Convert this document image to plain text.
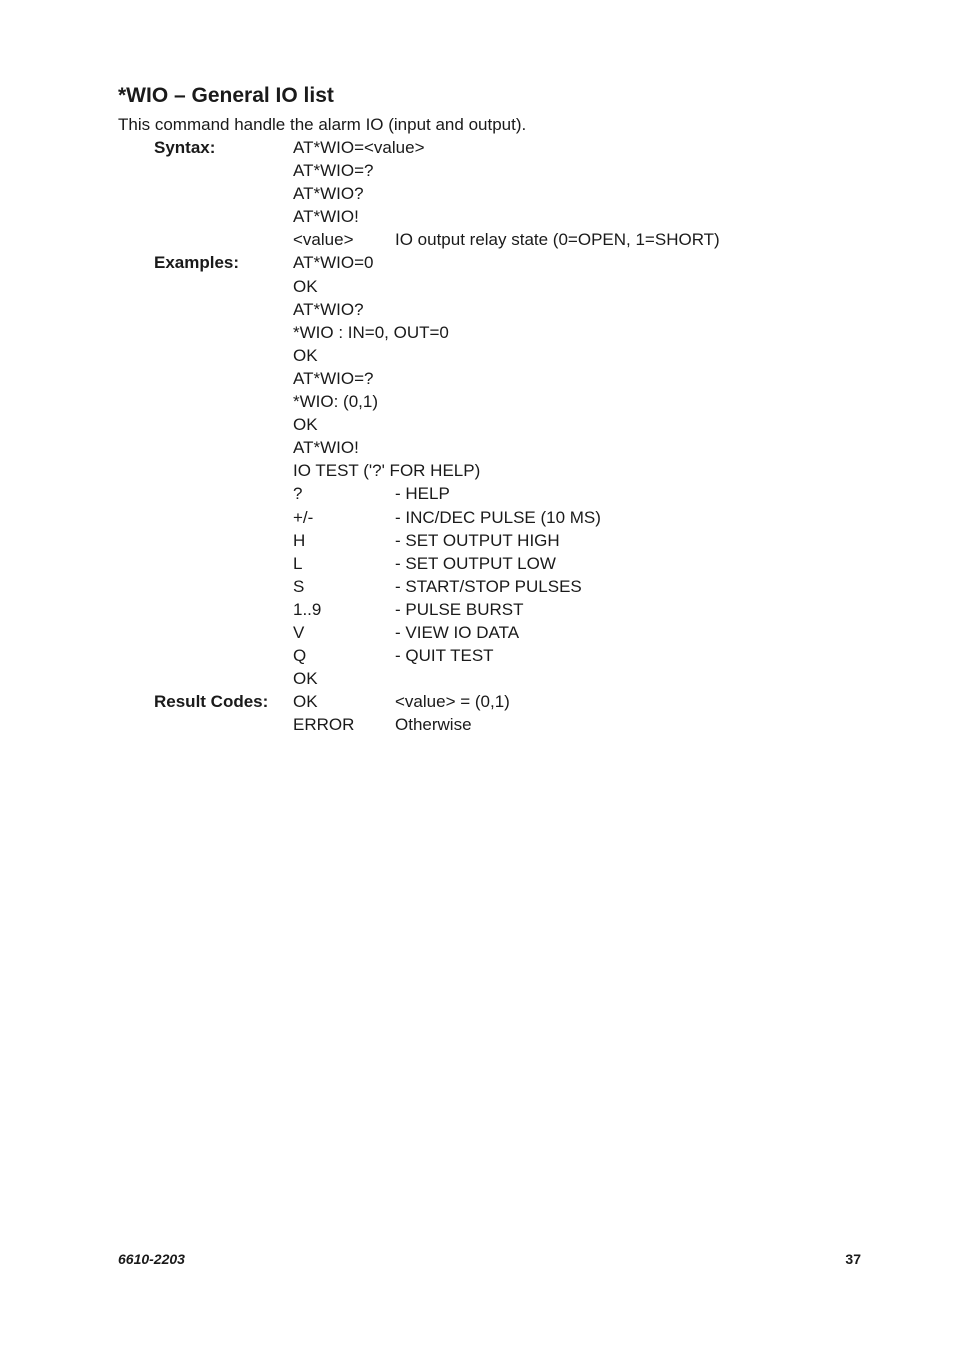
*WIO – General IO list

This command handle the alarm IO (input and output).

Syntax:	AT*WIO=<value>
AT*WIO=?
AT*WIO?
AT*WIO!
<value> IO output relay state (0=OPEN, 1=SHORT)
Examples:	AT*WIO=0
OK
AT*WIO?
*WIO : IN=0, OUT=0
OK
AT*WIO=?
*WIO: (0,1)
OK
AT*WIO!
IO TEST ('?' FOR HELP)
?	- HELP
+/-	- INC/DEC PULSE (10 MS)
H	- SET OUTPUT HIGH
L	- SET OUTPUT LOW
S	- START/STOP PULSES
1..9	- PULSE BURST
V	- VIEW IO DATA
Q	- QUIT TEST
OK
Result Codes: OK	<value> = (0,1)
ERROR Otherwise
6610-2203	37
